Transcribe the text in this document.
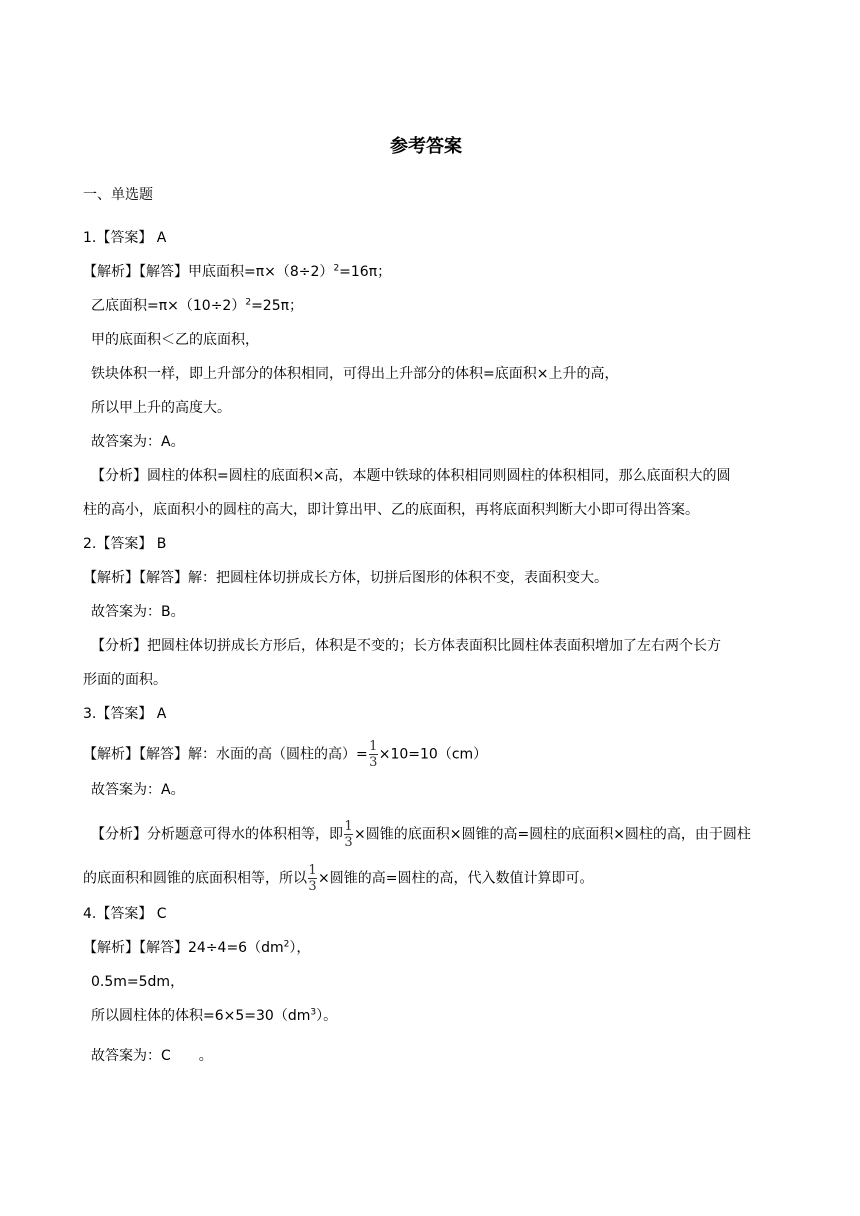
参考答案
一、单选题
1.【答案】 A
【解析】【解答】甲底面积$=\pi\times(8\div 2)^2=16\pi$；
乙底面积$=\pi\times(10\div 2)^2=25\pi$；
甲的底面积＜乙的底面积，
铁块体积一样，即上升部分的体积相同，可得出上升部分的体积=底面积×上升的高，
所以甲上升的高度大。
故答案为：A。
【分析】圆柱的体积=圆柱的底面积×高，本题中铁球的体积相同则圆柱的体积相同，那么底面积大的圆
柱的高小，底面积小的圆柱的高大，即计算出甲、乙的底面积，再将底面积判断大小即可得出答案。
2.【答案】 B
【解析】【解答】解：把圆柱体切拼成长方体，切拼后图形的体积不变，表面积变大。
故答案为：B。
【分析】把圆柱体切拼成长方形后，体积是不变的；长方体表面积比圆柱体表面积增加了左右两个长方
形面的面积。
3.【答案】 A
【解析】【解答】解：水面的高（圆柱的高）= $\frac{1}{3} \times 10=10(cm)$
故答案为：A。
【分析】分析题意可得水的体积相等，即 $\frac{1}{3}$ ×圆锥的底面积×圆锥的高=圆柱的底面积×圆柱的高，由于圆柱
的底面积和圆锥的底面积相等，所以 $\frac{1}{3}$ ×圆锥的高=圆柱的高，代入数值计算即可。
4.【答案】 C
【解析】【解答】$24\div 4=6(dm^2)$，
0.5m=5dm，
所以圆柱体的体积$=6\times 5=30(dm^3)$。
故答案为：C　　。
